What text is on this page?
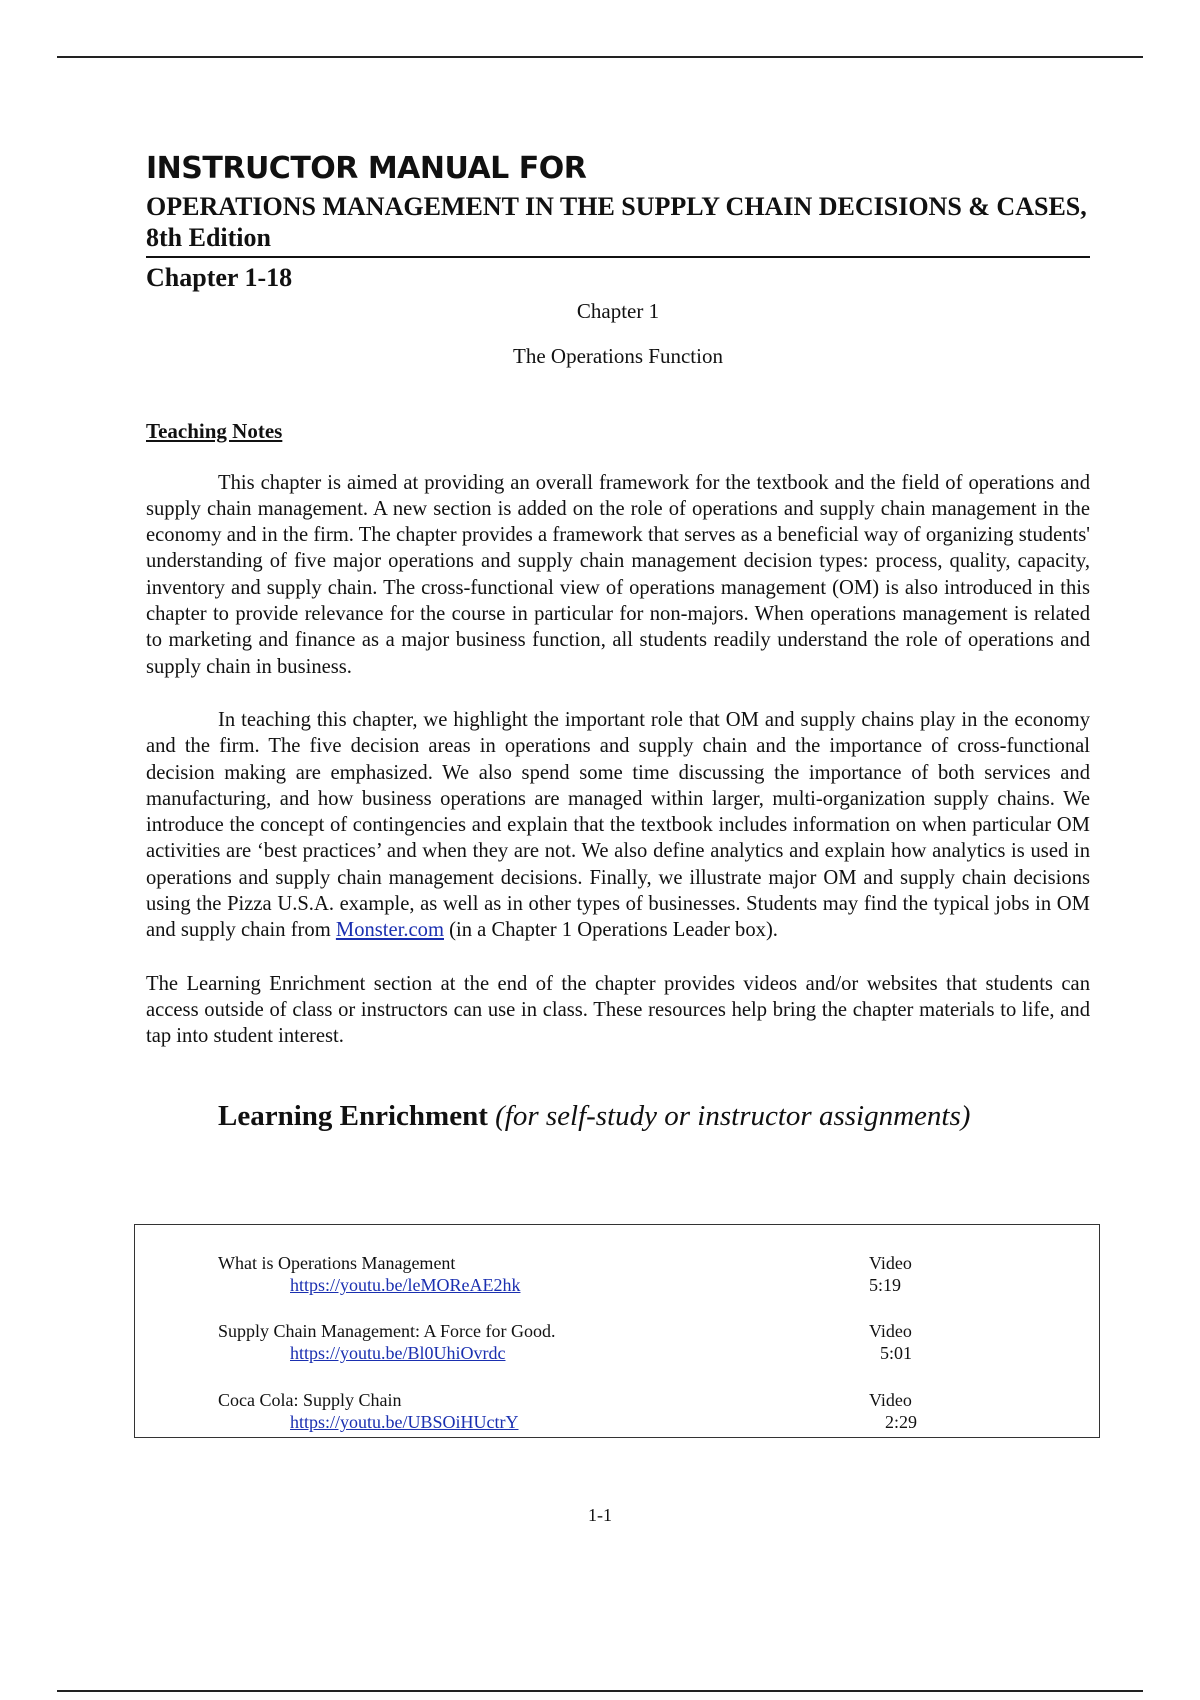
INSTRUCTOR MANUAL FOR
OPERATIONS MANAGEMENT IN THE SUPPLY CHAIN DECISIONS & CASES, 8th Edition
Chapter 1-18
Chapter 1
The Operations Function
Teaching Notes

This chapter is aimed at providing an overall framework for the textbook and the field of operations and supply chain management. A new section is added on the role of operations and supply chain management in the economy and in the firm. The chapter provides a framework that serves as a beneficial way of organizing students' understanding of five major operations and supply chain management decision types: process, quality, capacity, inventory and supply chain. The cross-functional view of operations management (OM) is also introduced in this chapter to provide relevance for the course in particular for non-majors. When operations management is related to marketing and finance as a major business function, all students readily understand the role of operations and supply chain in business.

In teaching this chapter, we highlight the important role that OM and supply chains play in the economy and the firm. The five decision areas in operations and supply chain and the importance of cross-functional decision making are emphasized. We also spend some time discussing the importance of both services and manufacturing, and how business operations are managed within larger, multi-organization supply chains. We introduce the concept of contingencies and explain that the textbook includes information on when particular OM activities are ‘best practices’ and when they are not. We also define analytics and explain how analytics is used in operations and supply chain management decisions. Finally, we illustrate major OM and supply chain decisions using the Pizza U.S.A. example, as well as in other types of businesses. Students may find the typical jobs in OM and supply chain from Monster.com (in a Chapter 1 Operations Leader box).

The Learning Enrichment section at the end of the chapter provides videos and/or websites that students can access outside of class or instructors can use in class. These resources help bring the chapter materials to life, and tap into student interest.

Learning Enrichment (for self-study or instructor assignments)
What is Operations Management
https://youtu.be/leMOReAE2hk
Video
5:19
Supply Chain Management: A Force for Good.
https://youtu.be/Bl0UhiOvrdc
Video
5:01
Coca Cola: Supply Chain
https://youtu.be/UBSOiHUctrY
Video
2:29
1-1
